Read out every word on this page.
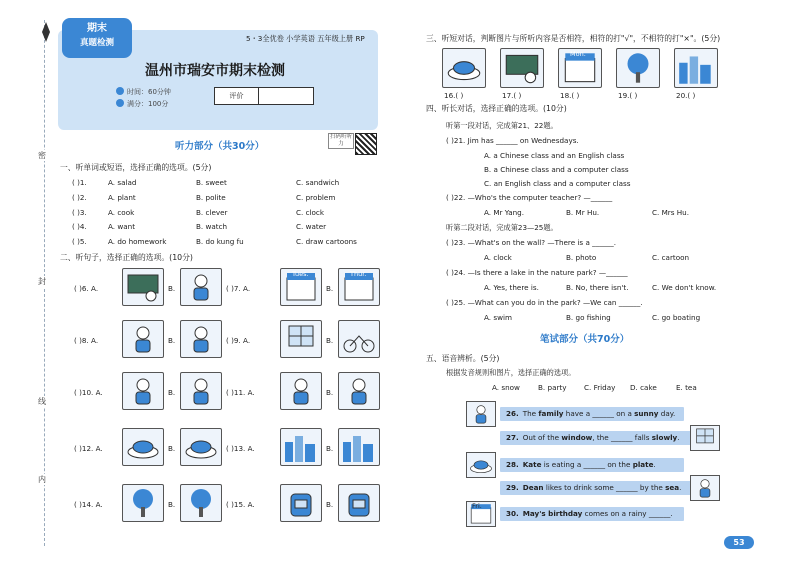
密
封
线
内
期末
真题检测	5・3全优卷 小学英语 五年级上册 RP
温州市瑞安市期末检测
时间：60分钟
满分：100分
评价
听力部分（共30分）
扫码听听力
一、听单词或短语，选择正确的选项。(5分)
( )1.	A. salad	B. sweet	C. sandwich
( )2.	A. plant	B. polite	C. problem
( )3.	A. cook	B. clever	C. clock
( )4.	A. want	B. watch	C. water
( )5.	A. do homework	B. do kung fu	C. draw cartoons
二、听句子，选择正确的选项。(10分)
( )6. A.	B.	( )7. A.	B.
Tues.	Thur.
( )8. A.	B.	( )9. A.	B.
( )10. A.	B.	( )11. A.	B.
( )12. A.	B.	( )13. A.	B.
( )14. A.	B.	( )15. A.	B.
三、听短对话，判断图片与所听内容是否相符，相符的打"√"，不相符的打"×"。(5分)
16.( )	17.( )
Mon.
18.( )	19.( )	20.( )
四、听长对话，选择正确的选项。(10分)
听第一段对话，完成第21、22题。
( )21. Jim has ______ on Wednesdays.
A. a Chinese class and an English class
B. a Chinese class and a computer class
C. an English class and a computer class
( )22. —Who's the computer teacher? —______
A. Mr Yang.	B. Mr Hu.	C. Mrs Hu.
听第二段对话，完成第23—25题。
( )23. —What's on the wall? —There is a ______.
A. clock	B. photo	C. cartoon
( )24. —Is there a lake in the nature park? —______
A. Yes, there is.	B. No, there isn't.	C. We don't know.
( )25. —What can you do in the park? —We can ______.
A. swim	B. go fishing	C. go boating
笔试部分（共70分）
五、语音辨析。(5分)
根据发音规则和图片，选择正确的选项。
A. snow	B. party C. Friday D. cake	E. tea
26. The family have a ______ on a sunny day.
27. Out of the window, the ______ falls slowly.
28. Kate is eating a ______ on the plate.
29. Dean likes to drink some ______ by the sea.
30. May's birthday comes on a rainy ______.
Fri.
53
